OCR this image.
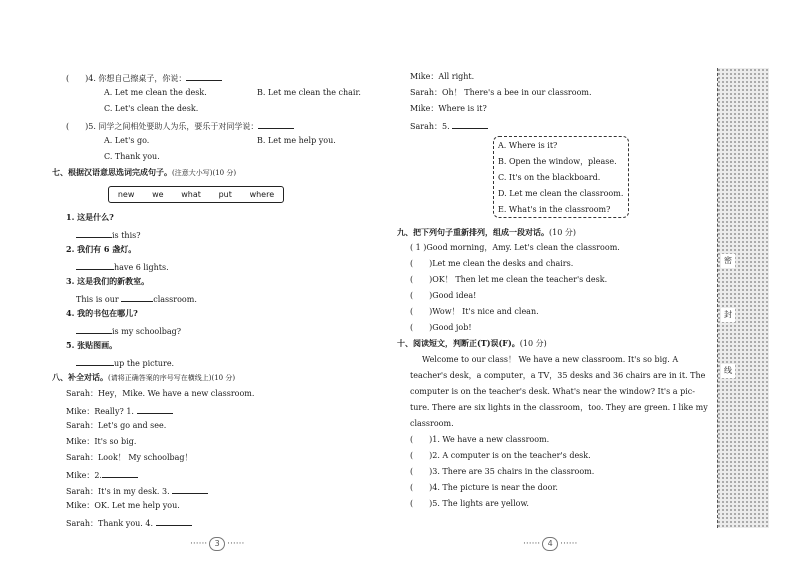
(　　)4. 你想自己擦桌子，你说：
A. Let me clean the desk.	B. Let me clean the chair.
C. Let's clean the desk.
(　　)5. 同学之间相处要助人为乐，要乐于对同学说：
A. Let's go.	B. Let me help you.
C. Thank you.
七、根据汉语意思选词完成句子。(注意大小写)(10 分)
new we what put where
1. 这是什么?
is this?
2. 我们有 6 盏灯。
have 6 lights.
3. 这是我们的新教室。
This is our	classroom.
4. 我的书包在哪儿?
is my schoolbag?
5. 张贴图画。
up the picture.
八、补全对话。(请将正确答案的序号写在横线上)(10 分)
Sarah：Hey，Mike. We have a new classroom.
Mike：Really? 1.
Sarah：Let's go and see.
Mike：It's so big.
Sarah：Look！ My schoolbag！
Mike：2.
Sarah：It's in my desk. 3.
Mike：OK. Let me help you.
Sarah：Thank you. 4.
······ 3 ······
Mike：All right.
Sarah：Oh！ There's a bee in our classroom.
Mike：Where is it?
Sarah：5.
A. Where is it?
B. Open the window，please.
C. It's on the blackboard.
D. Let me clean the classroom.
E. What's in the classroom?
九、把下列句子重新排列，组成一段对话。(10 分)
( 1 )Good morning，Amy. Let's clean the classroom.
(　　)Let me clean the desks and chairs.
(　　)OK！ Then let me clean the teacher's desk.
(　　)Good idea!
(　　)Wow！ It's nice and clean.
(　　)Good job!
十、阅读短文，判断正(T)误(F)。(10 分)
Welcome to our class！ We have a new classroom. It's so big. A
teacher's desk，a computer，a TV，35 desks and 36 chairs are in it. The
computer is on the teacher's desk. What's near the window? It's a pic-
ture. There are six lights in the classroom，too. They are green. I like my
classroom.
(　　)1. We have a new classroom.
(　　)2. A computer is on the teacher's desk.
(　　)3. There are 35 chairs in the classroom.
(　　)4. The picture is near the door.
(　　)5. The lights are yellow.
······ 4 ······
密
封
线
